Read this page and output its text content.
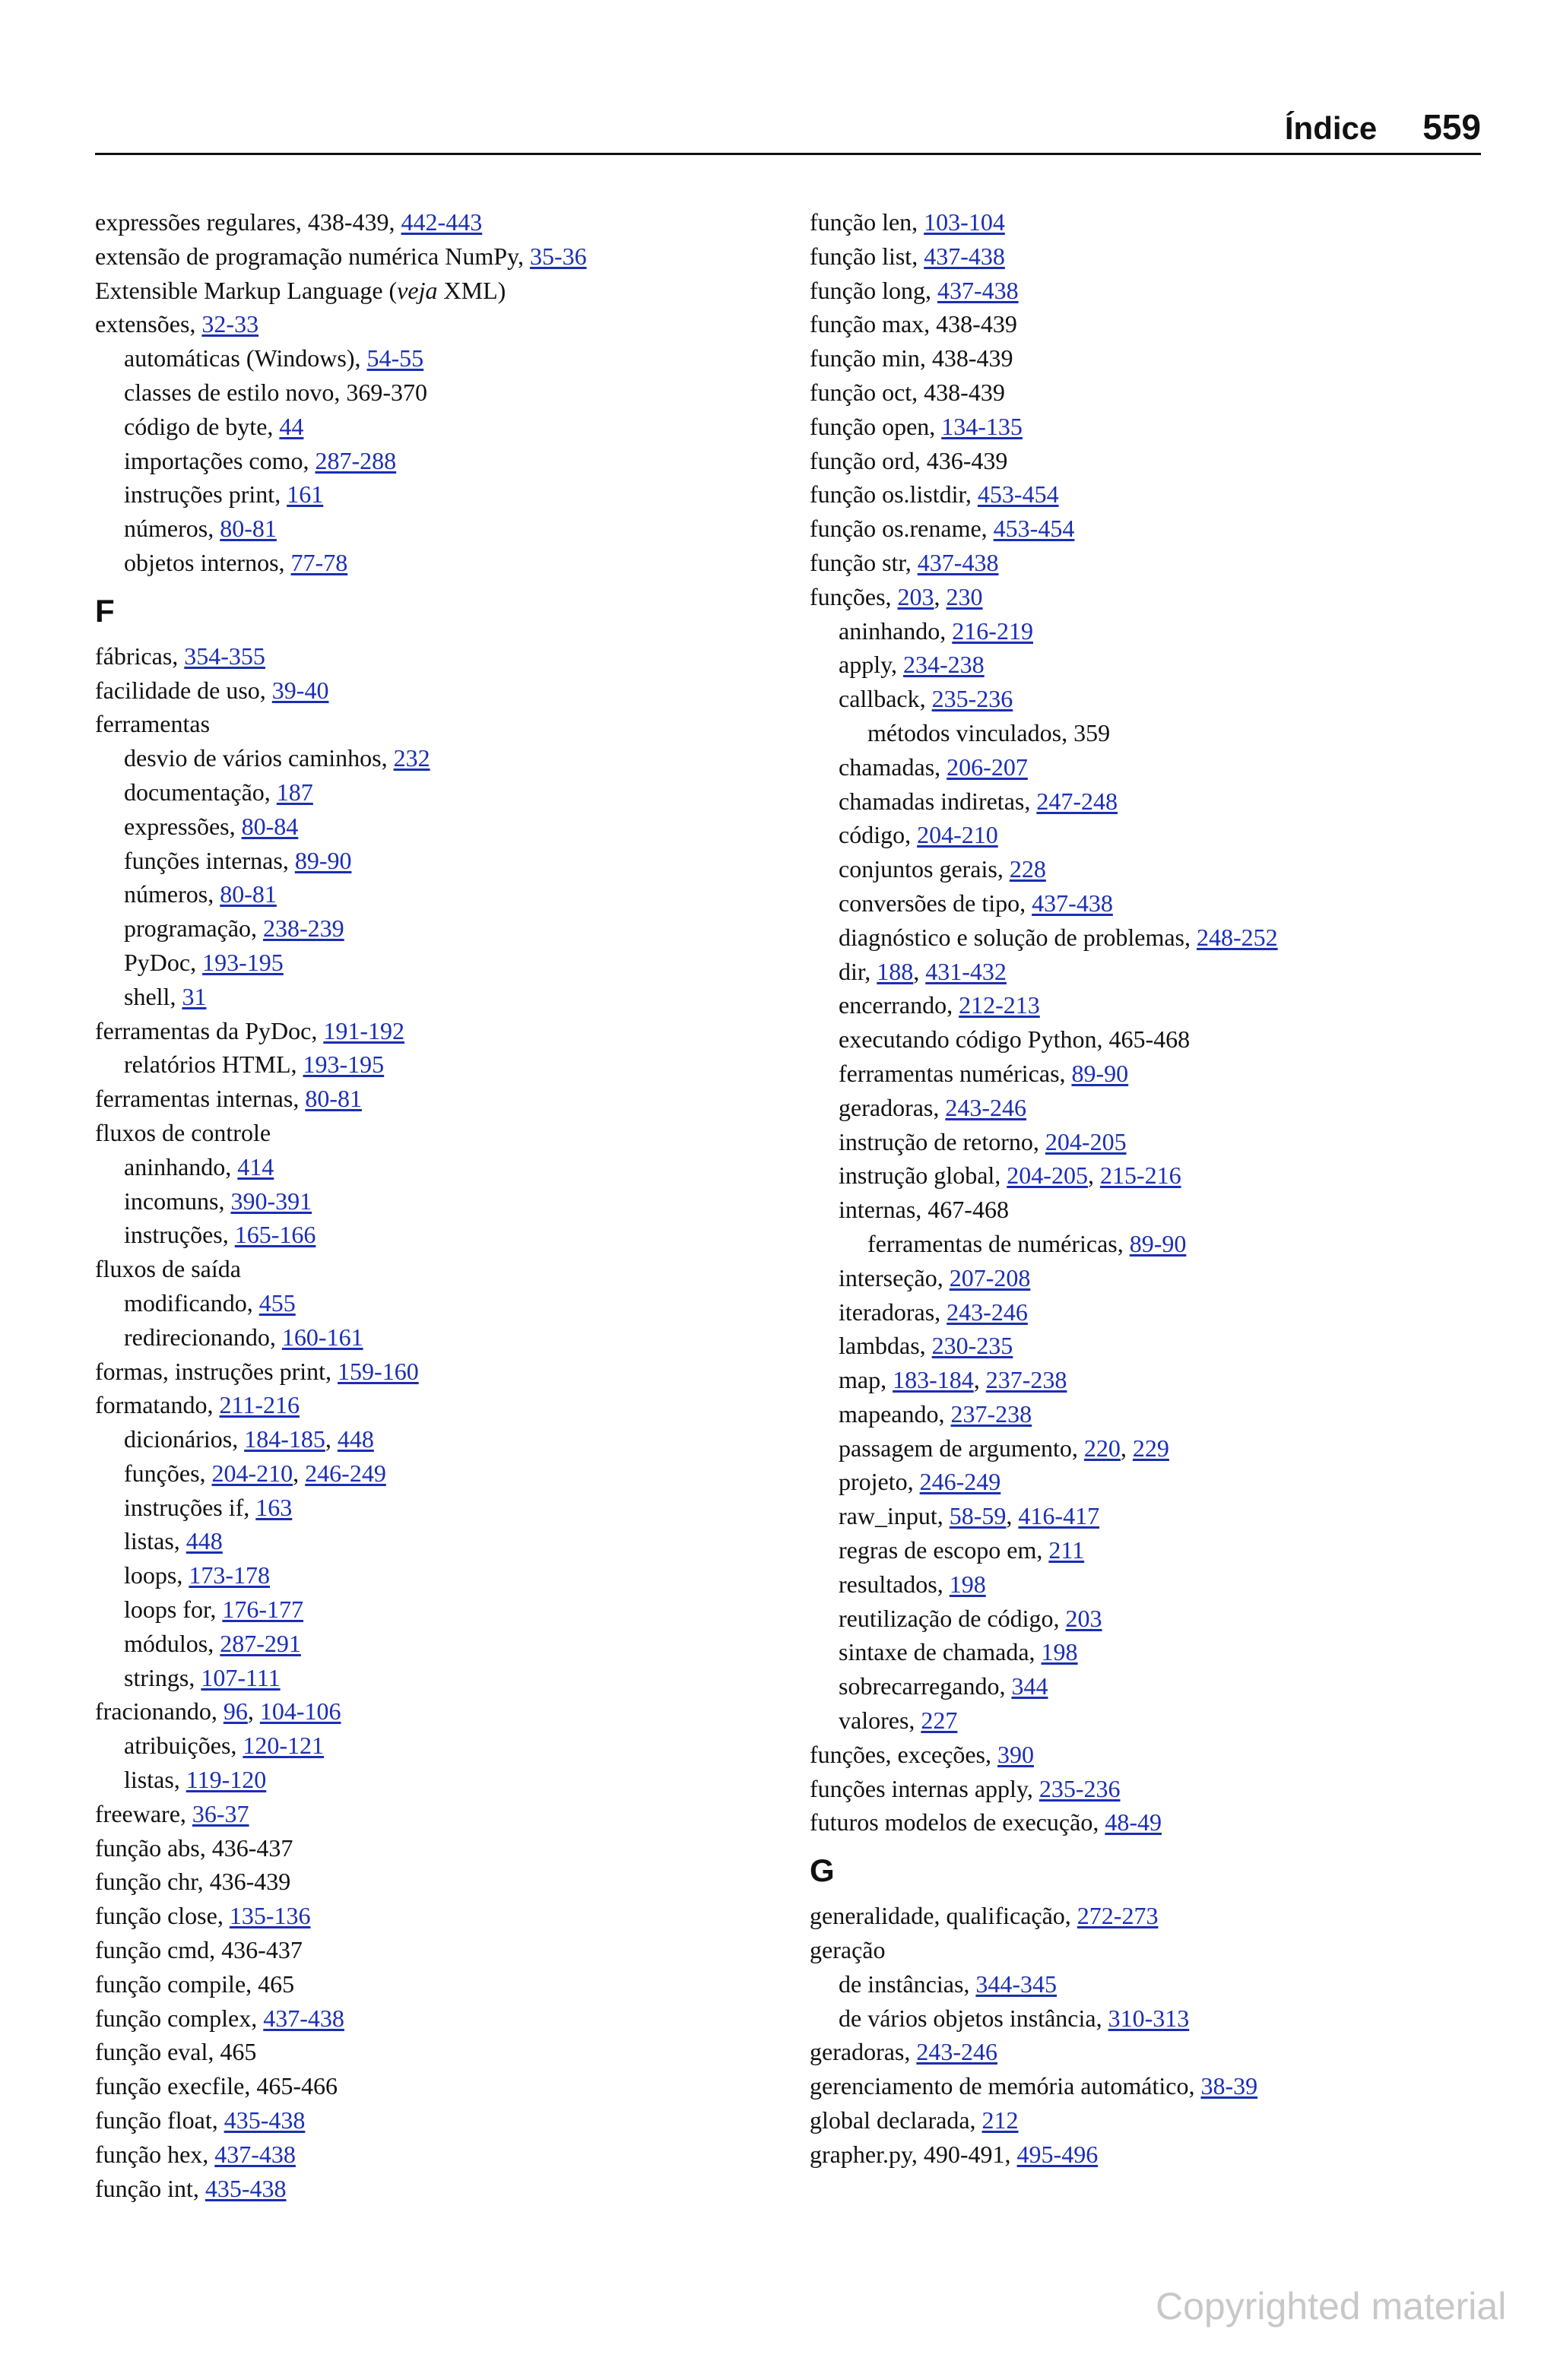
Índice 559
expressões regulares, 438-439, 442-443
extensão de programação numérica NumPy, 35-36
Extensible Markup Language (veja XML)
extensões, 32-33
automáticas (Windows), 54-55
classes de estilo novo, 369-370
código de byte, 44
importações como, 287-288
instruções print, 161
números, 80-81
objetos internos, 77-78
F
fábricas, 354-355
facilidade de uso, 39-40
ferramentas
desvio de vários caminhos, 232
documentação, 187
expressões, 80-84
funções internas, 89-90
números, 80-81
programação, 238-239
PyDoc, 193-195
shell, 31
ferramentas da PyDoc, 191-192
relatórios HTML, 193-195
ferramentas internas, 80-81
fluxos de controle
aninhando, 414
incomuns, 390-391
instruções, 165-166
fluxos de saída
modificando, 455
redirecionando, 160-161
formas, instruções print, 159-160
formatando, 211-216
dicionários, 184-185, 448
funções, 204-210, 246-249
instruções if, 163
listas, 448
loops, 173-178
loops for, 176-177
módulos, 287-291
strings, 107-111
fracionando, 96, 104-106
atribuições, 120-121
listas, 119-120
freeware, 36-37
função abs, 436-437
função chr, 436-439
função close, 135-136
função cmd, 436-437
função compile, 465
função complex, 437-438
função eval, 465
função execfile, 465-466
função float, 435-438
função hex, 437-438
função int, 435-438
função len, 103-104
função list, 437-438
função long, 437-438
função max, 438-439
função min, 438-439
função oct, 438-439
função open, 134-135
função ord, 436-439
função os.listdir, 453-454
função os.rename, 453-454
função str, 437-438
funções, 203, 230
aninhando, 216-219
apply, 234-238
callback, 235-236
métodos vinculados, 359
chamadas, 206-207
chamadas indiretas, 247-248
código, 204-210
conjuntos gerais, 228
conversões de tipo, 437-438
diagnóstico e solução de problemas, 248-252
dir, 188, 431-432
encerrando, 212-213
executando código Python, 465-468
ferramentas numéricas, 89-90
geradoras, 243-246
instrução de retorno, 204-205
instrução global, 204-205, 215-216
internas, 467-468
ferramentas de numéricas, 89-90
interseção, 207-208
iteradoras, 243-246
lambdas, 230-235
map, 183-184, 237-238
mapeando, 237-238
passagem de argumento, 220, 229
projeto, 246-249
raw_input, 58-59, 416-417
regras de escopo em, 211
resultados, 198
reutilização de código, 203
sintaxe de chamada, 198
sobrecarregando, 344
valores, 227
funções, exceções, 390
funções internas apply, 235-236
futuros modelos de execução, 48-49
G
generalidade, qualificação, 272-273
geração
de instâncias, 344-345
de vários objetos instância, 310-313
geradoras, 243-246
gerenciamento de memória automático, 38-39
global declarada, 212
grapher.py, 490-491, 495-496
Copyrighted material
